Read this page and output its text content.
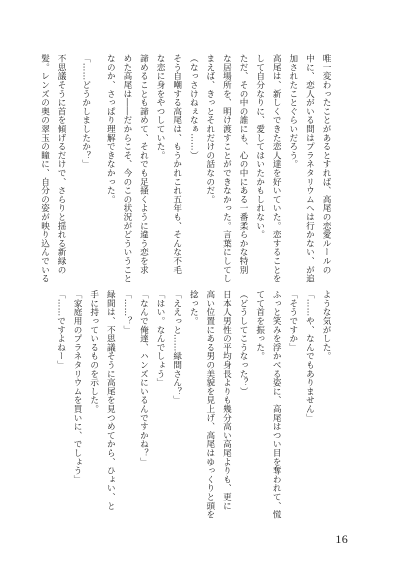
唯一変わったことがあるとすれば、高尾の恋愛ルールの
中に、恋人がいる間はプラネタリウムへは行かない、が追
加されたことぐらいだろう。
高尾は、新しくできた恋人達を好いていた。恋することを
して自分なりに、愛してはいたかもしれない。
ただ、その中の誰にも、心の中にある一番柔らかな特別
な居場所を、明け渡すことができなかった。言葉にしてし
まえば、きっとそれだけの話なのだ。
（なっさけねぇなぁ……）
そう自嘲する高尾は、もうかれこれ五年も、そんな不毛
な恋に身をやつしていた。
諦めることも諦めて、それでも足掻くように違う恋を求
めた高尾は――だからこそ、今のこの状況がどういうこと
なのか、さっぱり理解できなかった。
「……どうかしましたか？」
不思議そうに首を傾げるだけで、さらりと揺れる新緑の
髪。レンズの奥の翠玉の瞳に、自分の姿が映り込んでいる
ような気がした。
「……や、なんでもありません」
「そうですか」
ふっと笑みを浮かべる姿に、高尾はつい目を奪われて、慌
てて首を振った。
（どうしてこうなった？）
日本人男性の平均身長よりも幾分高い高尾よりも、更に
高い位置にある男の美貌を見上げ、高尾はゆっくりと頭を
捻った。
「ええっと……緑間さん？」
「はい。なんでしょう」
「なんで俺達、ハンズにいるんですかね？」
「……？」
緑間は、不思議そうに高尾を見つめてから、ひょい、と
手に持っているものを示した。
「家庭用のプラネタリウムを買いに、でしょう」
「……ですよねー」
16
